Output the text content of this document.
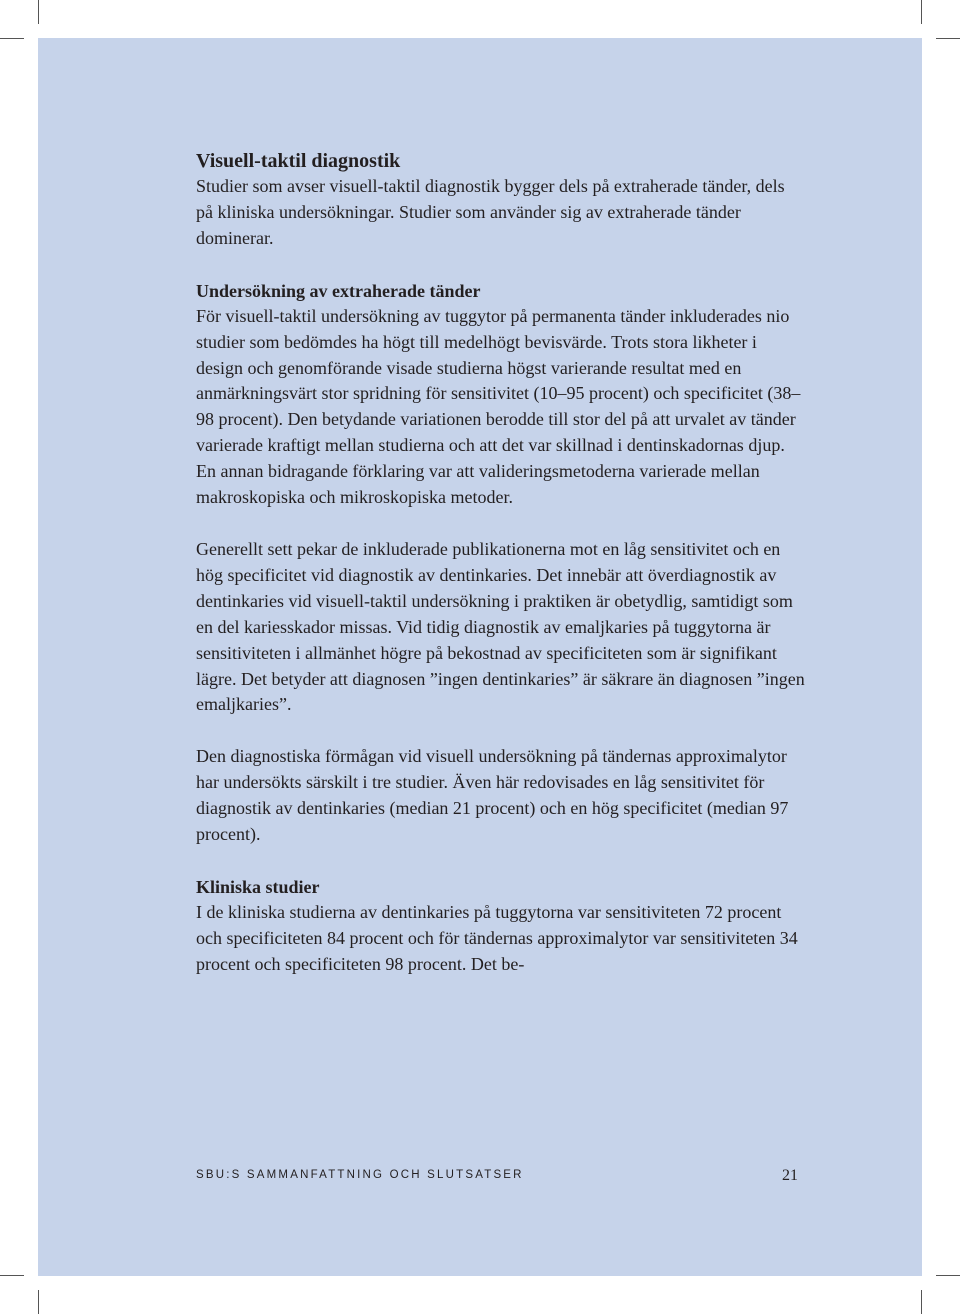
Visuell-taktil diagnostik

Studier som avser visuell-taktil diagnostik bygger dels på extraherade tänder, dels på kliniska undersökningar. Studier som använder sig av extraherade tänder dominerar.

Undersökning av extraherade tänder

För visuell-taktil undersökning av tuggytor på permanenta tänder inkluderades nio studier som bedömdes ha högt till medelhögt bevisvärde. Trots stora likheter i design och genomförande visade studierna högst varierande resultat med en anmärkningsvärt stor spridning för sensitivitet (10–95 procent) och specificitet (38–98 procent). Den betydande variationen berodde till stor del på att urvalet av tänder varierade kraftigt mellan studierna och att det var skillnad i dentinskadornas djup. En annan bidragande förklaring var att valideringsmetoderna varierade mellan makroskopiska och mikroskopiska metoder.

Generellt sett pekar de inkluderade publikationerna mot en låg sensitivitet och en hög specificitet vid diagnostik av dentinkaries. Det innebär att överdiagnostik av dentinkaries vid visuell-taktil undersökning i praktiken är obetydlig, samtidigt som en del kariesskador missas. Vid tidig diagnostik av emaljkaries på tuggytorna är sensitiviteten i allmänhet högre på bekostnad av specificiteten som är signifikant lägre. Det betyder att diagnosen ”ingen dentinkaries” är säkrare än diagnosen ”ingen emaljkaries”.

Den diagnostiska förmågan vid visuell undersökning på tändernas approximalytor har undersökts särskilt i tre studier. Även här redovisades en låg sensitivitet för diagnostik av dentinkaries (median 21 procent) och en hög specificitet (median 97 procent).

Kliniska studier

I de kliniska studierna av dentinkaries på tuggytorna var sensitiviteten 72 procent och specificiteten 84 procent och för tändernas approximalytor var sensitiviteten 34 procent och specificiteten 98 procent. Det be-

SBU:S SAMMANFATTNING OCH SLUTSATSER	21
